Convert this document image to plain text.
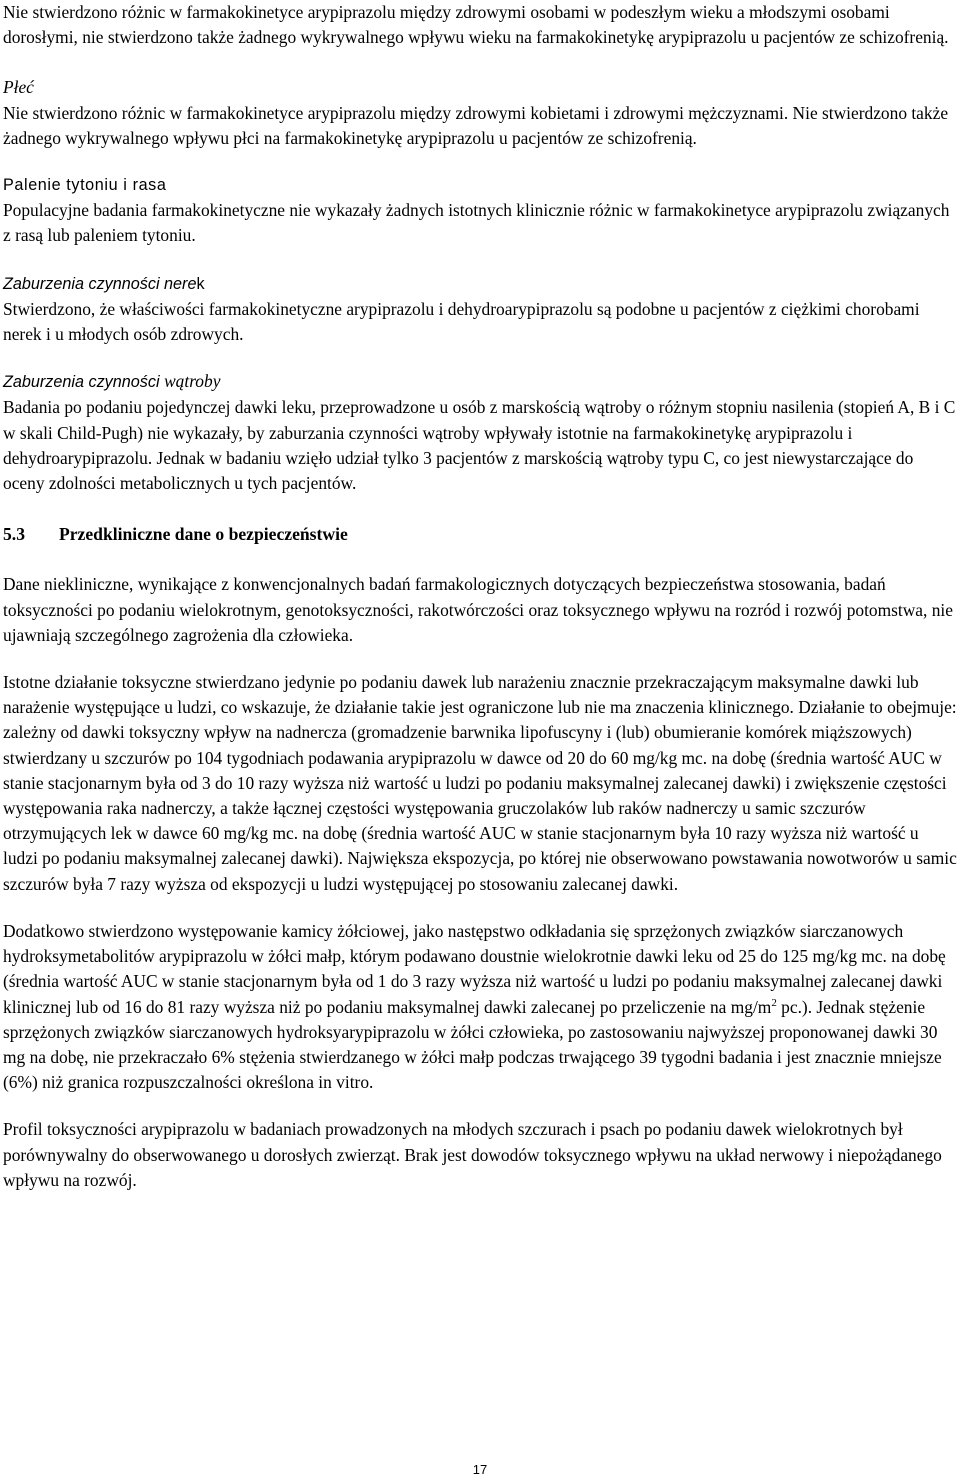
Nie stwierdzono różnic w farmakokinetyce arypiprazolu między zdrowymi osobami w podeszłym wieku a młodszymi osobami dorosłymi, nie stwierdzono także żadnego wykrywalnego wpływu wieku na farmakokinetykę arypiprazolu u pacjentów ze schizofrenią.

Płeć

Nie stwierdzono różnic w farmakokinetyce arypiprazolu między zdrowymi kobietami i zdrowymi mężczyznami. Nie stwierdzono także żadnego wykrywalnego wpływu płci na farmakokinetykę arypiprazolu u pacjentów ze schizofrenią.

Palenie tytoniu i rasa

Populacyjne badania farmakokinetyczne nie wykazały żadnych istotnych klinicznie różnic w farmakokinetyce arypiprazolu związanych z rasą lub paleniem tytoniu.

Zaburzenia czynności nerek

Stwierdzono, że właściwości farmakokinetyczne arypiprazolu i dehydroarypiprazolu są podobne u pacjentów z ciężkimi chorobami nerek i u młodych osób zdrowych.

Zaburzenia czynności wątroby

Badania po podaniu pojedynczej dawki leku, przeprowadzone u osób z marskością wątroby o różnym stopniu nasilenia (stopień A, B i C w skali Child-Pugh) nie wykazały, by zaburzania czynności wątroby wpływały istotnie na farmakokinetykę arypiprazolu i dehydroarypiprazolu. Jednak w badaniu wzięło udział tylko 3 pacjentów z marskością wątroby typu C, co jest niewystarczające do oceny zdolności metabolicznych u tych pacjentów.

5.3	Przedkliniczne dane o bezpieczeństwie

Dane niekliniczne, wynikające z konwencjonalnych badań farmakologicznych dotyczących bezpieczeństwa stosowania, badań toksyczności po podaniu wielokrotnym, genotoksyczności, rakotwórczości oraz toksycznego wpływu na rozród i rozwój potomstwa, nie ujawniają szczególnego zagrożenia dla człowieka.

Istotne działanie toksyczne stwierdzano jedynie po podaniu dawek lub narażeniu znacznie przekraczającym maksymalne dawki lub narażenie występujące u ludzi, co wskazuje, że działanie takie jest ograniczone lub nie ma znaczenia klinicznego. Działanie to obejmuje: zależny od dawki toksyczny wpływ na nadnercza (gromadzenie barwnika lipofuscyny i (lub) obumieranie komórek miąższowych) stwierdzany u szczurów po 104 tygodniach podawania arypiprazolu w dawce od 20 do 60 mg/kg mc. na dobę (średnia wartość AUC w stanie stacjonarnym była od 3 do 10 razy wyższa niż wartość u ludzi po podaniu maksymalnej zalecanej dawki) i zwiększenie częstości występowania raka nadnerczy, a także łącznej częstości występowania gruczolaków lub raków nadnerczy u samic szczurów otrzymujących lek w dawce 60 mg/kg mc. na dobę (średnia wartość AUC w stanie stacjonarnym była 10 razy wyższa niż wartość u ludzi po podaniu maksymalnej zalecanej dawki). Największa ekspozycja, po której nie obserwowano powstawania nowotworów u samic szczurów była 7 razy wyższa od ekspozycji u ludzi występującej po stosowaniu zalecanej dawki.

Dodatkowo stwierdzono występowanie kamicy żółciowej, jako następstwo odkładania się sprzężonych związków siarczanowych hydroksymetabolitów arypiprazolu w żółci małp, którym podawano doustnie wielokrotnie dawki leku od 25 do 125 mg/kg mc. na dobę (średnia wartość AUC w stanie stacjonarnym była od 1 do 3 razy wyższa niż wartość u ludzi po podaniu maksymalnej zalecanej dawki klinicznej lub od 16 do 81 razy wyższa niż po podaniu maksymalnej dawki zalecanej po przeliczenie na $mg/m^2$ pc.). Jednak stężenie sprzężonych związków siarczanowych hydroksyarypiprazolu w żółci człowieka, po zastosowaniu najwyższej proponowanej dawki 30 mg na dobę, nie przekraczało 6% stężenia stwierdzanego w żółci małp podczas trwającego 39 tygodni badania i jest znacznie mniejsze (6%) niż granica rozpuszczalności określona in vitro.

Profil toksyczności arypiprazolu w badaniach prowadzonych na młodych szczurach i psach po podaniu dawek wielokrotnych był porównywalny do obserwowanego u dorosłych zwierząt. Brak jest dowodów toksycznego wpływu na układ nerwowy i niepożądanego wpływu na rozwój.

17
